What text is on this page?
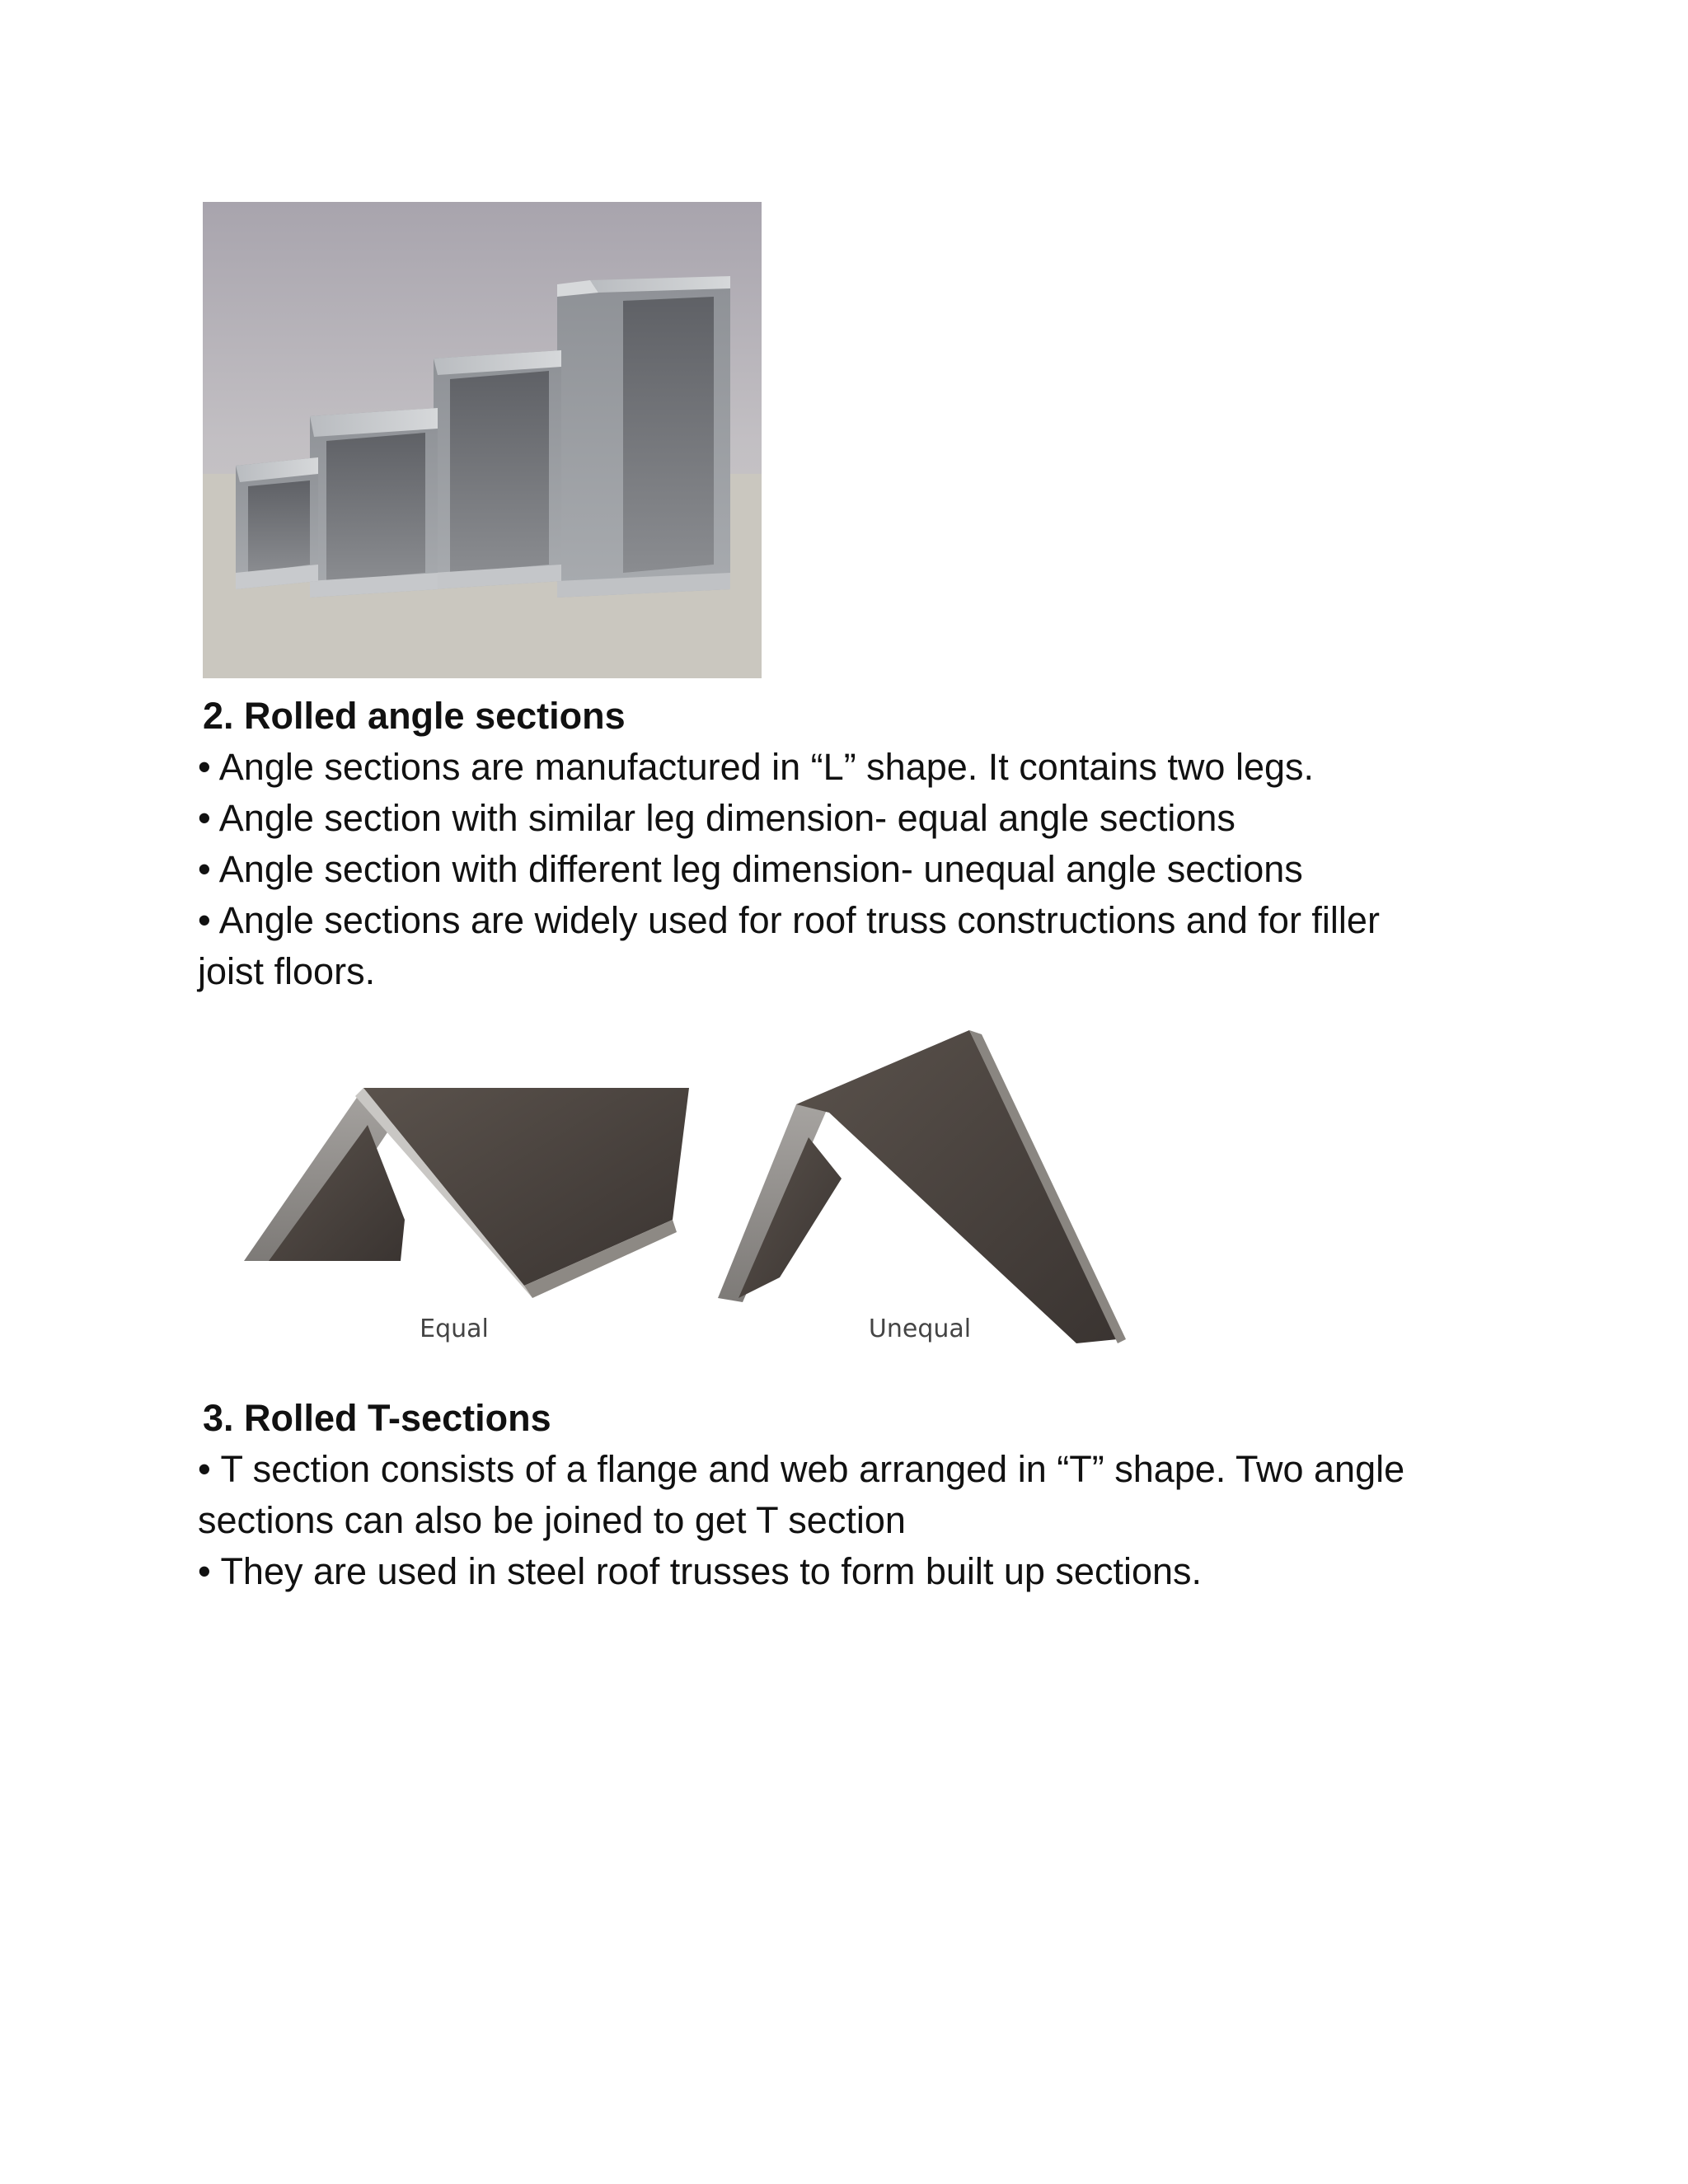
2. Rolled angle sections
• Angle sections are manufactured in “L” shape. It contains two legs.
• Angle section with similar leg dimension- equal angle sections
• Angle section with different leg dimension- unequal angle sections
• Angle sections are widely used for roof truss constructions and for filler
joist floors.
Equal	Unequal
3. Rolled T-sections
• T section consists of a flange and web arranged in “T” shape. Two angle
sections can also be joined to get T section
• They are used in steel roof trusses to form built up sections.
